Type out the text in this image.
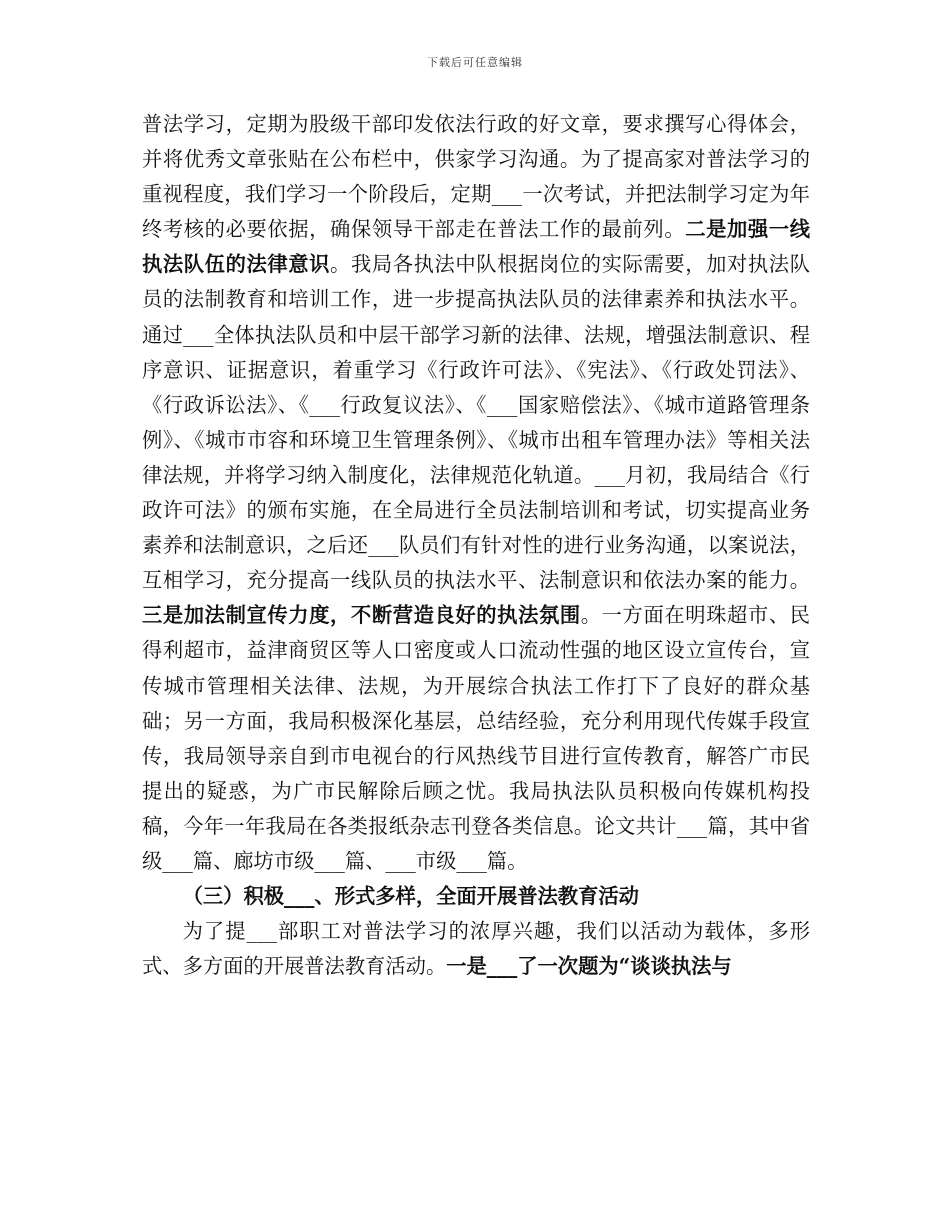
下载后可任意编辑

普法学习，定期为股级干部印发依法行政的好文章，要求撰写心得体会，并将优秀文章张贴在公布栏中，供家学习沟通。为了提高家对普法学习的重视程度，我们学习一个阶段后，定期___一次考试，并把法制学习定为年终考核的必要依据，确保领导干部走在普法工作的最前列。二是加强一线执法队伍的法律意识。我局各执法中队根据岗位的实际需要，加对执法队员的法制教育和培训工作，进一步提高执法队员的法律素养和执法水平。通过___全体执法队员和中层干部学习新的法律、法规，增强法制意识、程序意识、证据意识，着重学习《行政许可法》、《宪法》、《行政处罚法》、《行政诉讼法》、《___行政复议法》、《___国家赔偿法》、《城市道路管理条例》、《城市市容和环境卫生管理条例》、《城市出租车管理办法》等相关法律法规，并将学习纳入制度化，法律规范化轨道。___月初，我局结合《行政许可法》的颁布实施，在全局进行全员法制培训和考试，切实提高业务素养和法制意识，之后还___队员们有针对性的进行业务沟通，以案说法，互相学习，充分提高一线队员的执法水平、法制意识和依法办案的能力。三是加法制宣传力度，不断营造良好的执法氛围。一方面在明珠超市、民得利超市，益津商贸区等人口密度或人口流动性强的地区设立宣传台，宣传城市管理相关法律、法规，为开展综合执法工作打下了良好的群众基础；另一方面，我局积极深化基层，总结经验，充分利用现代传媒手段宣传，我局领导亲自到市电视台的行风热线节目进行宣传教育，解答广市民提出的疑惑，为广市民解除后顾之忧。我局执法队员积极向传媒机构投稿，今年一年我局在各类报纸杂志刊登各类信息。论文共计___篇，其中省级___篇、廊坊市级___篇、___市级___篇。

（三）积极___、形式多样，全面开展普法教育活动

为了提___部职工对普法学习的浓厚兴趣，我们以活动为载体，多形式、多方面的开展普法教育活动。一是___了一次题为“谈谈执法与
